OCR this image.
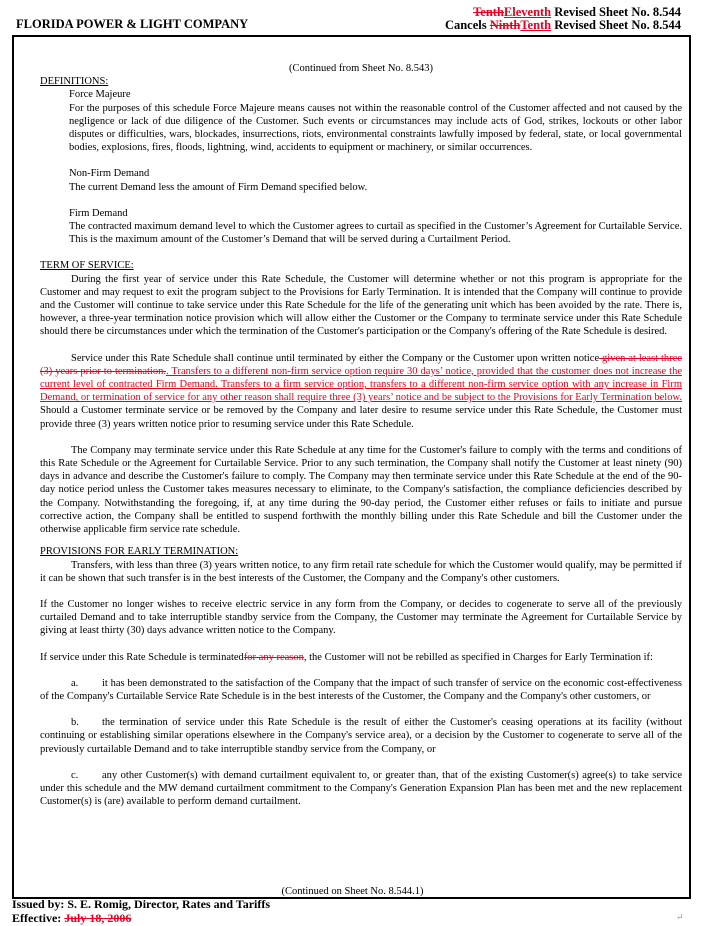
FLORIDA POWER & LIGHT COMPANY
TenthEleventh Revised Sheet No. 8.544
Cancels NinthTenth Revised Sheet No. 8.544

(Continued from Sheet No. 8.543)

DEFINITIONS:

Force Majeure

For the purposes of this schedule Force Majeure means causes not within the reasonable control of the Customer affected and not caused by the negligence or lack of due diligence of the Customer. Such events or circumstances may include acts of God, strikes, lockouts or other labor disputes or difficulties, wars, blockades, insurrections, riots, environmental constraints lawfully imposed by federal, state, or local governmental bodies, explosions, fires, floods, lightning, wind, accidents to equipment or machinery, or similar occurrences.

Non-Firm Demand

The current Demand less the amount of Firm Demand specified below.

Firm Demand

The contracted maximum demand level to which the Customer agrees to curtail as specified in the Customer’s Agreement for Curtailable Service. This is the maximum amount of the Customer’s Demand that will be served during a Curtailment Period.

TERM OF SERVICE:

During the first year of service under this Rate Schedule, the Customer will determine whether or not this program is appropriate for the Customer and may request to exit the program subject to the Provisions for Early Termination. It is intended that the Company will continue to provide and the Customer will continue to take service under this Rate Schedule for the life of the generating unit which has been avoided by the rate. There is, however, a three-year termination notice provision which will allow either the Customer or the Company to terminate service under this Rate Schedule should there be circumstances under which the termination of the Customer's participation or the Company's offering of the Rate Schedule is desired.

Service under this Rate Schedule shall continue until terminated by either the Company or the Customer upon written notice given at least three (3) years prior to termination.. Transfers to a different non-firm service option require 30 days’ notice, provided that the customer does not increase the current level of contracted Firm Demand. Transfers to a firm service option, transfers to a different non-firm service option with any increase in Firm Demand, or termination of service for any other reason shall require three (3) years’ notice and be subject to the Provisions for Early Termination below. Should a Customer terminate service or be removed by the Company and later desire to resume service under this Rate Schedule, the Customer must provide three (3) years written notice prior to resuming service under this Rate Schedule.

The Company may terminate service under this Rate Schedule at any time for the Customer's failure to comply with the terms and conditions of this Rate Schedule or the Agreement for Curtailable Service. Prior to any such termination, the Company shall notify the Customer at least ninety (90) days in advance and describe the Customer's failure to comply. The Company may then terminate service under this Rate Schedule at the end of the 90-day notice period unless the Customer takes measures necessary to eliminate, to the Company's satisfaction, the compliance deficiencies described by the Company. Notwithstanding the foregoing, if, at any time during the 90-day period, the Customer either refuses or fails to initiate and pursue corrective action, the Company shall be entitled to suspend forthwith the monthly billing under this Rate Schedule and bill the Customer under the otherwise applicable firm service rate schedule.

PROVISIONS FOR EARLY TERMINATION:

Transfers, with less than three (3) years written notice, to any firm retail rate schedule for which the Customer would qualify, may be permitted if it can be shown that such transfer is in the best interests of the Customer, the Company and the Company's other customers.

If the Customer no longer wishes to receive electric service in any form from the Company, or decides to cogenerate to serve all of the previously curtailed Demand and to take interruptible standby service from the Company, the Customer may terminate the Agreement for Curtailable Service by giving at least thirty (30) days advance written notice to the Company.

If service under this Rate Schedule is terminatedfor any reason, the Customer will not be rebilled as specified in Charges for Early Termination if:

a. it has been demonstrated to the satisfaction of the Company that the impact of such transfer of service on the economic cost-effectiveness of the Company's Curtailable Service Rate Schedule is in the best interests of the Customer, the Company and the Company's other customers, or

b. the termination of service under this Rate Schedule is the result of either the Customer's ceasing operations at its facility (without continuing or establishing similar operations elsewhere in the Company's service area), or a decision by the Customer to cogenerate to serve all of the previously curtailable Demand and to take interruptible standby service from the Company, or

c. any other Customer(s) with demand curtailment equivalent to, or greater than, that of the existing Customer(s) agree(s) to take service under this schedule and the MW demand curtailment commitment to the Company's Generation Expansion Plan has been met and the new replacement Customer(s) is (are) available to perform demand curtailment.

(Continued on Sheet No. 8.544.1)
Issued by: S. E. Romig, Director, Rates and Tariffs
Effective: July 18, 2006	↵
